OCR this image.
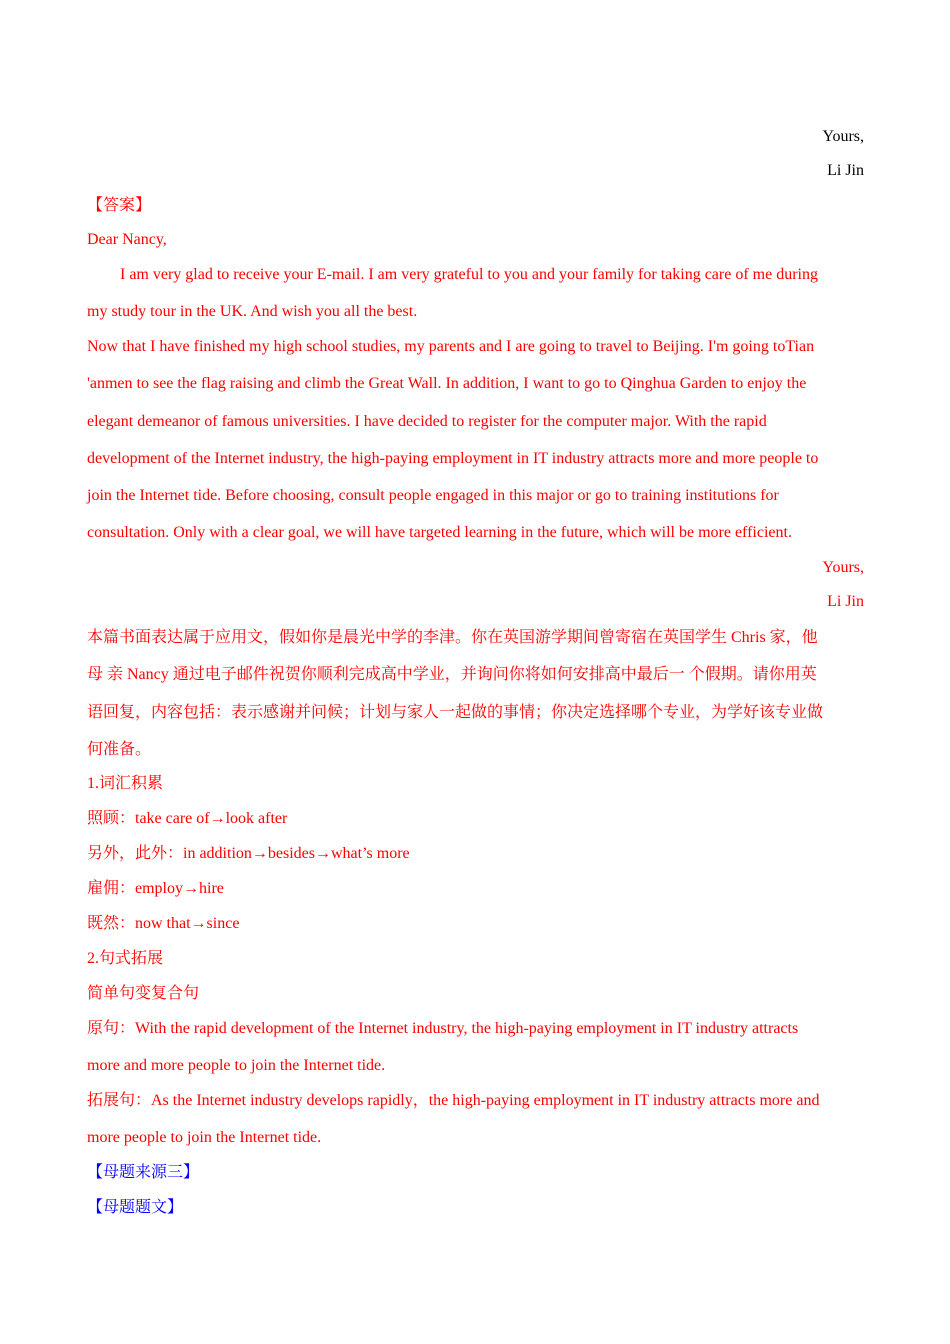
Yours,
Li Jin
【答案】
Dear Nancy,
I am very glad to receive your E-mail. I am very grateful to you and your family for taking care of me during
my study tour in the UK. And wish you all the best.
Now that I have finished my high school studies, my parents and I are going to travel to Beijing. I'm going toTian
'anmen to see the flag raising and climb the Great Wall. In addition, I want to go to Qinghua Garden to enjoy the
elegant demeanor of famous universities. I have decided to register for the computer major. With the rapid
development of the Internet industry, the high-paying employment in IT industry attracts more and more people to
join the Internet tide. Before choosing, consult people engaged in this major or go to training institutions for
consultation. Only with a clear goal, we will have targeted learning in the future, which will be more efficient.
Yours,
Li Jin
本篇书面表达属于应用文，假如你是晨光中学的李津。你在英国游学期间曾寄宿在英国学生 Chris 家，他
母 亲 Nancy 通过电子邮件祝贺你顺利完成高中学业，并询问你将如何安排高中最后一 个假期。请你用英
语回复，内容包括：表示感谢并问候；计划与家人一起做的事情；你决定选择哪个专业，为学好该专业做
何准备。
1.词汇积累
照顾：take care of→look after
另外，此外：in addition→besides→what’s more
雇佣：employ→hire
既然：now that→since
2.句式拓展
简单句变复合句
原句：With the rapid development of the Internet industry, the high-paying employment in IT industry attracts
more and more people to join the Internet tide.
拓展句：As the Internet industry develops rapidly，the high-paying employment in IT industry attracts more and
more people to join the Internet tide.
【母题来源三】
【母题题文】
